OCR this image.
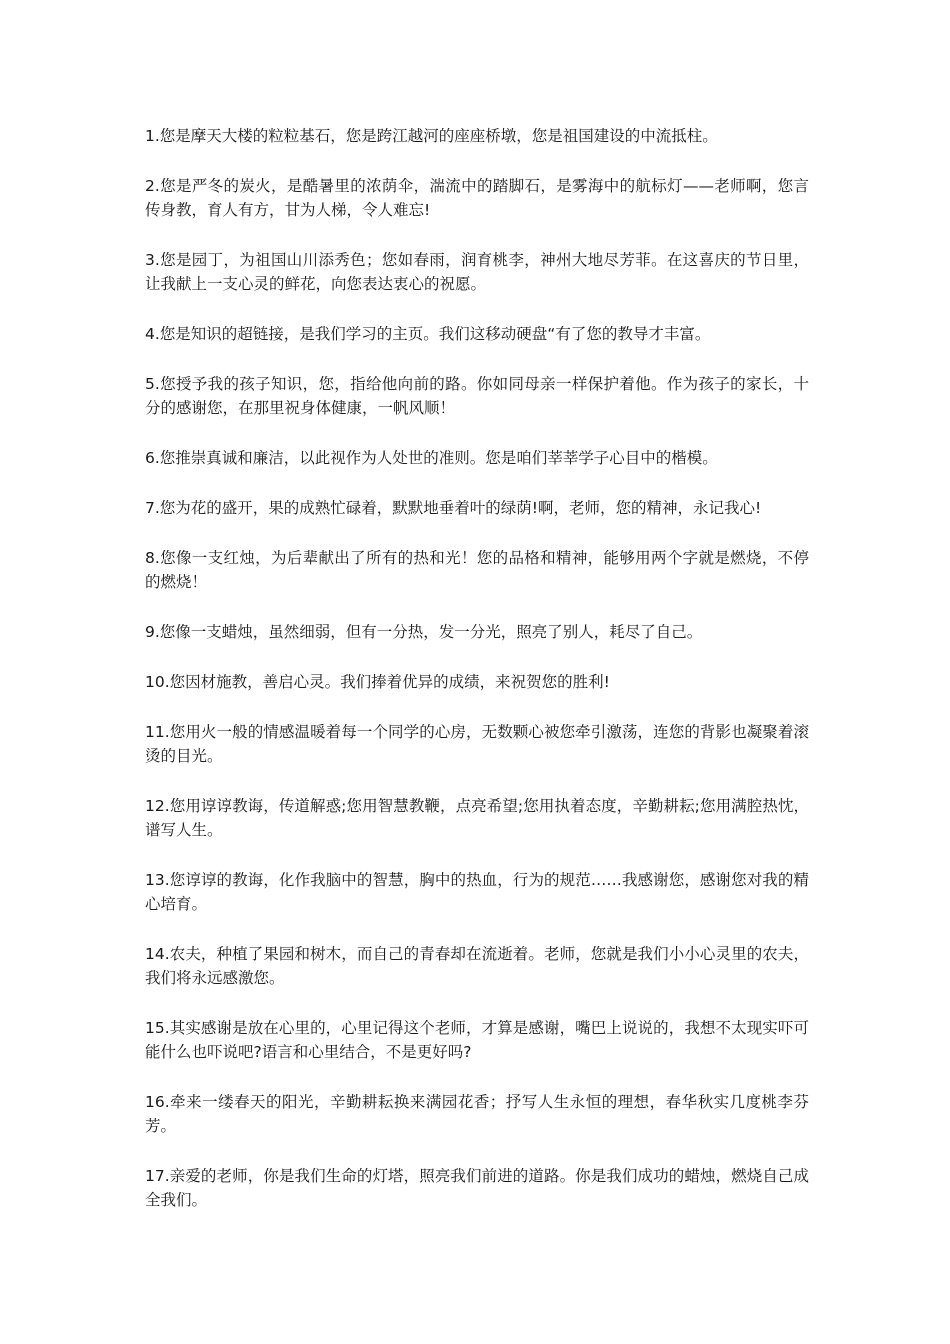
1.您是摩天大楼的粒粒基石，您是跨江越河的座座桥墩，您是祖国建设的中流抵柱。

2.您是严冬的炭火，是酷暑里的浓荫伞，湍流中的踏脚石，是雾海中的航标灯——老师啊，您言传身教，育人有方，甘为人梯，令人难忘!

3.您是园丁，为祖国山川添秀色；您如春雨，润育桃李，神州大地尽芳菲。在这喜庆的节日里，让我献上一支心灵的鲜花，向您表达衷心的祝愿。

4.您是知识的超链接，是我们学习的主页。我们这移动硬盘“有了您的教导才丰富。

5.您授予我的孩子知识，您，指给他向前的路。你如同母亲一样保护着他。作为孩子的家长，十分的感谢您，在那里祝身体健康，一帆风顺！

6.您推崇真诚和廉洁，以此视作为人处世的准则。您是咱们莘莘学子心目中的楷模。

7.您为花的盛开，果的成熟忙碌着，默默地垂着叶的绿荫!啊，老师，您的精神，永记我心!

8.您像一支红烛，为后辈献出了所有的热和光！您的品格和精神，能够用两个字就是燃烧，不停的燃烧！

9.您像一支蜡烛，虽然细弱，但有一分热，发一分光，照亮了别人，耗尽了自己。

10.您因材施教，善启心灵。我们捧着优异的成绩，来祝贺您的胜利!

11.您用火一般的情感温暖着每一个同学的心房，无数颗心被您牵引激荡，连您的背影也凝聚着滚烫的目光。

12.您用谆谆教诲，传道解惑;您用智慧教鞭，点亮希望;您用执着态度，辛勤耕耘;您用满腔热忱，谱写人生。

13.您谆谆的教诲，化作我脑中的智慧，胸中的热血，行为的规范……我感谢您，感谢您对我的精心培育。

14.农夫，种植了果园和树木，而自己的青春却在流逝着。老师，您就是我们小小心灵里的农夫，我们将永远感激您。

15.其实感谢是放在心里的，心里记得这个老师，才算是感谢，嘴巴上说说的，我想不太现实吓可能什么也吓说吧?语言和心里结合，不是更好吗?

16.牵来一缕春天的阳光，辛勤耕耘换来满园花香；抒写人生永恒的理想，春华秋实几度桃李芬芳。

17.亲爱的老师，你是我们生命的灯塔，照亮我们前进的道路。你是我们成功的蜡烛，燃烧自己成全我们。
